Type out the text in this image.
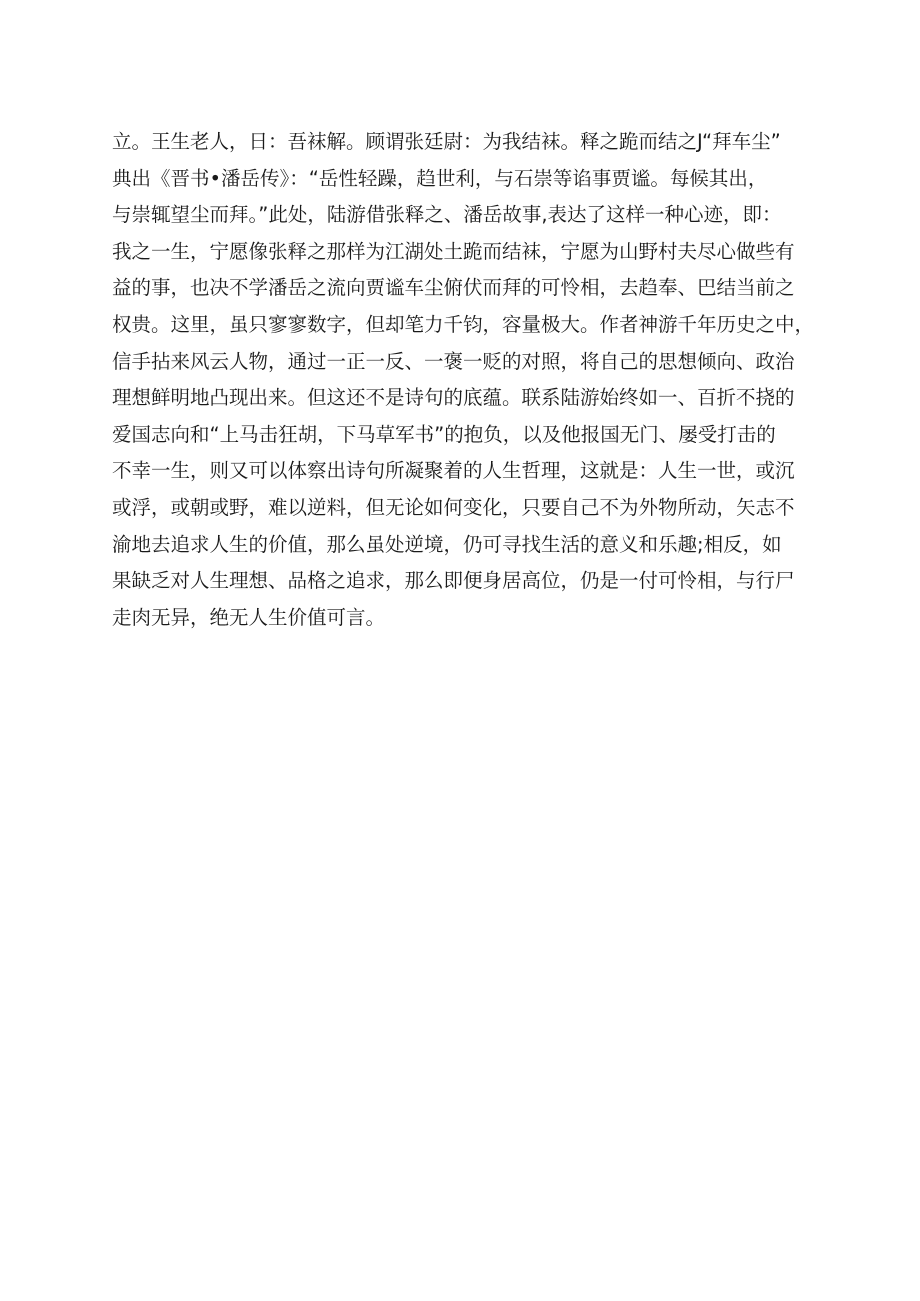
立。王生老人，日：吾袜解。顾谓张廷尉：为我结袜。释之跪而结之J“拜车尘”
典出《晋书•潘岳传》：“岳性轻躁，趋世利，与石崇等谄事贾谧。每候其出，
与崇辄望尘而拜。”此处，陆游借张释之、潘岳故事,表达了这样一种心迹，即：
我之一生，宁愿像张释之那样为江湖处土跪而结袜，宁愿为山野村夫尽心做些有
益的事，也决不学潘岳之流向贾谧车尘俯伏而拜的可怜相，去趋奉、巴结当前之
权贵。这里，虽只寥寥数字，但却笔力千钧，容量极大。作者神游千年历史之中，
信手拈来风云人物，通过一正一反、一褒一贬的对照，将自己的思想倾向、政治
理想鲜明地凸现出来。但这还不是诗句的底蕴。联系陆游始终如一、百折不挠的
爱国志向和“上马击狂胡，下马草军书”的抱负，以及他报国无门、屡受打击的
不幸一生，则又可以体察出诗句所凝聚着的人生哲理，这就是：人生一世，或沉
或浮，或朝或野，难以逆料，但无论如何变化，只要自己不为外物所动，矢志不
渝地去追求人生的价值，那么虽处逆境，仍可寻找生活的意义和乐趣;相反，如
果缺乏对人生理想、品格之追求，那么即便身居高位，仍是一付可怜相，与行尸
走肉无异，绝无人生价值可言。
